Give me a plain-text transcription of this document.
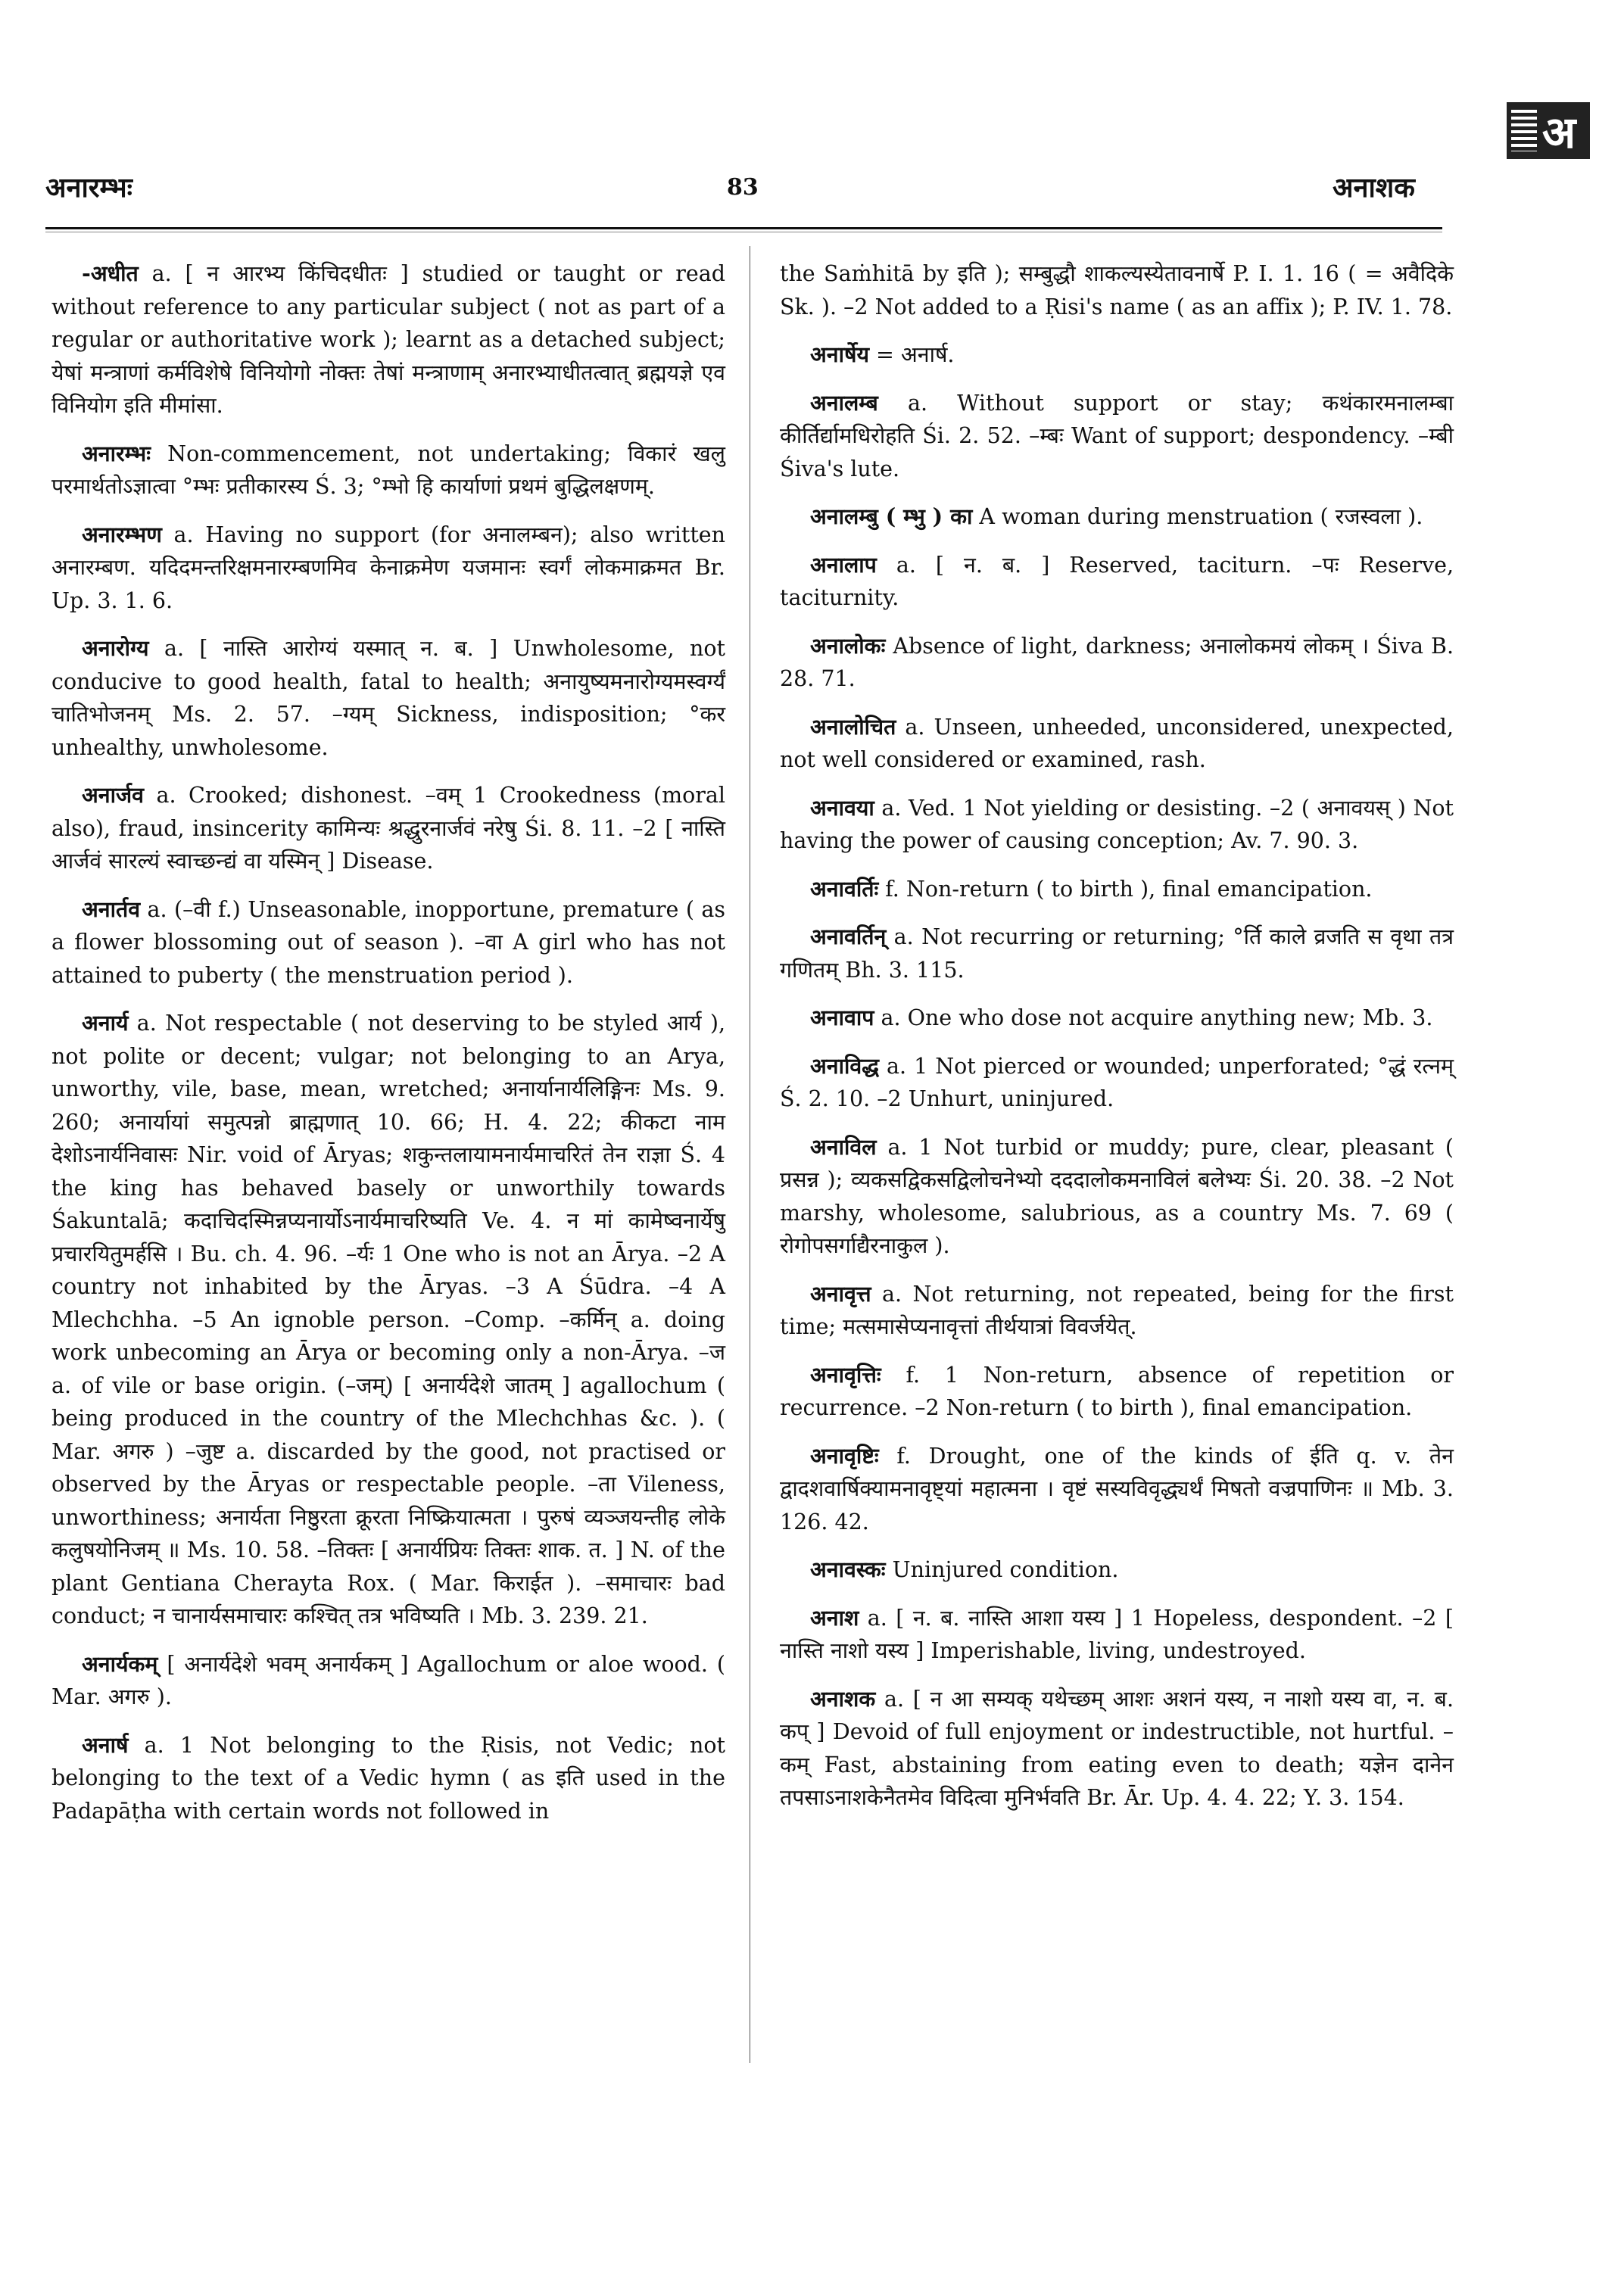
अ
अनारम्भः	83	अनाशक

-अधीत a. [ न आरभ्य किंचिदधीतः ] studied or taught or read without reference to any particular subject ( not as part of a regular or authoritative work ); learnt as a detached subject; येषां मन्त्राणां कर्मविशेषे विनियोगो नोक्तः तेषां मन्त्राणाम् अनारभ्याधीतत्वात् ब्रह्मयज्ञे एव विनियोग इति मीमांसा.

अनारम्भः Non-commencement, not undertaking; विकारं खलु परमार्थतोऽज्ञात्वा °म्भः प्रतीकारस्य Ś. 3; °म्भो हि कार्याणां प्रथमं बुद्धिलक्षणम्.

अनारम्भण a. Having no support (for अनालम्बन); also written अनारम्बण. यदिदमन्तरिक्षमनारम्बणमिव केनाक्रमेण यजमानः स्वर्गं लोकमाक्रमत Br. Up. 3. 1. 6.

अनारोग्य a. [ नास्ति आरोग्यं यस्मात् न. ब. ] Unwholesome, not conducive to good health, fatal to health; अनायुष्यमनारोग्यमस्वर्ग्यं चातिभोजनम् Ms. 2. 57. –ग्यम् Sickness, indisposition; °कर unhealthy, unwholesome.

अनार्जव a. Crooked; dishonest. –वम् 1 Crookedness (moral also), fraud, insincerity कामिन्यः श्रद्धुरनार्जवं नरेषु Śi. 8. 11. –2 [ नास्ति आर्जवं सारल्यं स्वाच्छन्द्यं वा यस्मिन् ] Disease.

अनार्तव a. (–वी f.) Unseasonable, inopportune, premature ( as a flower blossoming out of season ). –वा A girl who has not attained to puberty ( the menstruation period ).

अनार्य a. Not respectable ( not deserving to be styled आर्य ), not polite or decent; vulgar; not belonging to an Arya, unworthy, vile, base, mean, wretched; अनार्यानार्यलिङ्गिनः Ms. 9. 260; अनार्यायां समुत्पन्नो ब्राह्मणात् 10. 66; H. 4. 22; कीकटा नाम देशोऽनार्यनिवासः Nir. void of Āryas; शकुन्तलायामनार्यमाचरितं तेन राज्ञा Ś. 4 the king has behaved basely or unworthily towards Śakuntalā; कदाचिदस्मिन्नप्यनार्योऽनार्यमाचरिष्यति Ve. 4. न मां कामेष्वनार्येषु प्रचारयितुमर्हसि । Bu. ch. 4. 96. –र्यः 1 One who is not an Ārya. –2 A country not inhabited by the Āryas. –3 A Śūdra. –4 A Mlechchha. –5 An ignoble person. –Comp. –कर्मिन् a. doing work unbecoming an Ārya or becoming only a non-Ārya. –ज a. of vile or base origin. (–जम्) [ अनार्यदेशे जातम् ] agallochum ( being produced in the country of the Mlechchhas &c. ). ( Mar. अगरु ) –जुष्ट a. discarded by the good, not practised or observed by the Āryas or respectable people. –ता Vileness, unworthiness; अनार्यता निष्ठुरता क्रूरता निष्क्रियात्मता । पुरुषं व्यञ्जयन्तीह लोके कलुषयोनिजम् ॥ Ms. 10. 58. –तिक्तः [ अनार्यप्रियः तिक्तः शाक. त. ] N. of the plant Gentiana Cherayta Rox. ( Mar. किराईत ). –समाचारः bad conduct; न चानार्यसमाचारः कश्चित् तत्र भविष्यति । Mb. 3. 239. 21.

अनार्यकम् [ अनार्यदेशे भवम् अनार्यकम् ] Agallochum or aloe wood. ( Mar. अगरु ).

अनार्ष a. 1 Not belonging to the Ṛisis, not Vedic; not belonging to the text of a Vedic hymn ( as इति used in the Padapāṭha with certain words not followed in

the Saṁhitā by इति ); सम्बुद्धौ शाकल्यस्येतावनार्षे P. I. 1. 16 ( = अवैदिके Sk. ). –2 Not added to a Ṛisi's name ( as an affix ); P. IV. 1. 78.

अनार्षेय = अनार्ष.

अनालम्ब a. Without support or stay; कथंकारमनालम्बा कीर्तिर्द्यामधिरोहति Śi. 2. 52. –म्बः Want of support; despondency. –म्बी Śiva's lute.

अनालम्बु ( म्भु ) का A woman during menstruation ( रजस्वला ).

अनालाप a. [ न. ब. ] Reserved, taciturn. –पः Reserve, taciturnity.

अनालोकः Absence of light, darkness; अनालोकमयं लोकम् । Śiva B. 28. 71.

अनालोचित a. Unseen, unheeded, unconsidered, unexpected, not well considered or examined, rash.

अनावया a. Ved. 1 Not yielding or desisting. –2 ( अनावयस् ) Not having the power of causing conception; Av. 7. 90. 3.

अनावर्तिः f. Non-return ( to birth ), final emancipation.

अनावर्तिन् a. Not recurring or returning; °र्ति काले व्रजति स वृथा तत्र गणितम् Bh. 3. 115.

अनावाप a. One who dose not acquire anything new; Mb. 3.

अनाविद्ध a. 1 Not pierced or wounded; unperforated; °द्धं रत्नम् Ś. 2. 10. –2 Unhurt, uninjured.

अनाविल a. 1 Not turbid or muddy; pure, clear, pleasant ( प्रसन्न ); व्यकसद्विकसद्विलोचनेभ्यो दददालोकमनाविलं बलेभ्यः Śi. 20. 38. –2 Not marshy, wholesome, salubrious, as a country Ms. 7. 69 ( रोगोपसर्गाद्यैरनाकुल ).

अनावृत्त a. Not returning, not repeated, being for the first time; मत्समासेप्यनावृत्तां तीर्थयात्रां विवर्जयेत्.

अनावृत्तिः f. 1 Non-return, absence of repetition or recurrence. –2 Non-return ( to birth ), final emancipation.

अनावृष्टिः f. Drought, one of the kinds of ईति q. v. तेन द्वादशवार्षिक्यामनावृष्ट्यां महात्मना । वृष्टं सस्यविवृद्ध्यर्थं मिषतो वज्रपाणिनः ॥ Mb. 3. 126. 42.

अनावस्कः Uninjured condition.

अनाश a. [ न. ब. नास्ति आशा यस्य ] 1 Hopeless, despondent. –2 [ नास्ति नाशो यस्य ] Imperishable, living, undestroyed.

अनाशक a. [ न आ सम्यक् यथेच्छम् आशः अशनं यस्य, न नाशो यस्य वा, न. ब. कप् ] Devoid of full enjoyment or indestructible, not hurtful. –कम् Fast, abstaining from eating even to death; यज्ञेन दानेन तपसाऽनाशकेनैतमेव विदित्वा मुनिर्भवति Br. Ār. Up. 4. 4. 22; Y. 3. 154.
